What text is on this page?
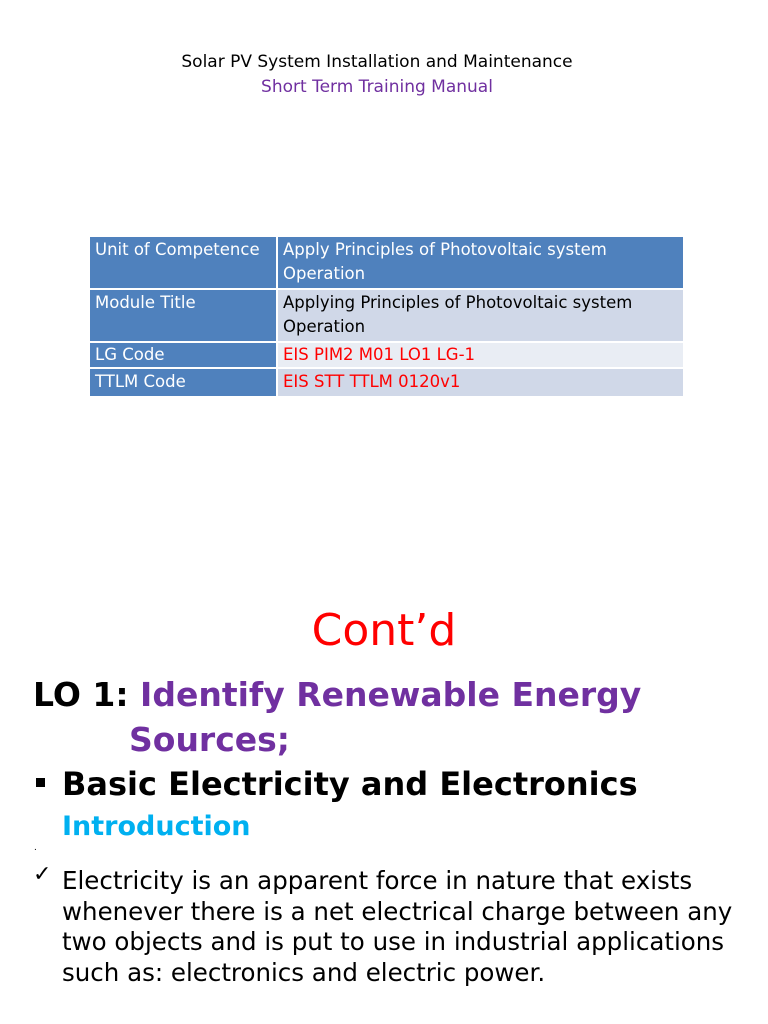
Solar PV System Installation and Maintenance
Short Term Training Manual
Unit of Competence	Apply Principles of Photovoltaic system Operation
Module Title	Applying Principles of Photovoltaic system Operation
LG Code	EIS PIM2 M01 LO1 LG-1
TTLM Code	EIS STT TTLM 0120v1
Cont’d
LO 1: Identify Renewable Energy
Sources;
Basic Electricity and Electronics
Introduction
.
✓ Electricity is an apparent force in nature that exists whenever there is a net electrical charge between any two objects and is put to use in industrial applications such as: electronics and electric power.
